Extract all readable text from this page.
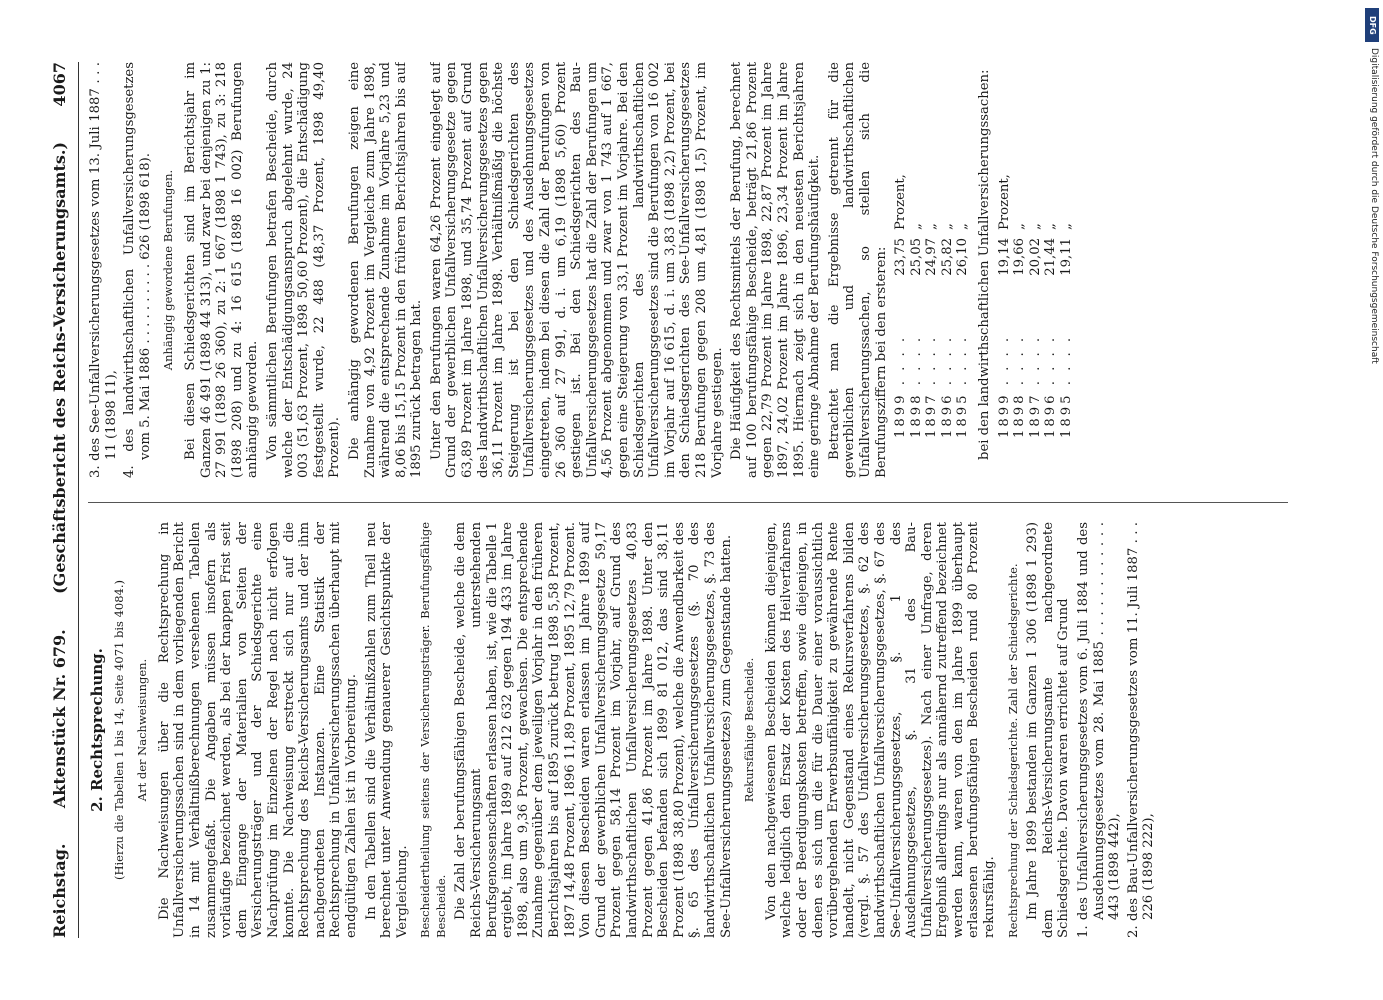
DFG
Digitalisierung gefördert durch die Deutsche Forschungsgemeinschaft
Reichstag.
Aktenstück Nr. 679.
(Geschäftsbericht des Reichs-Versicherungsamts.)
4067
2. Rechtsprechung. (Hierzu die Tabellen 1 bis 14, Seite 4071 bis 4084.) Art der Nachweisungen. Die Nachweisungen über die Rechtsprechung in Unfallversicherungssachen sind in dem vorliegenden Bericht in 14 mit Verhältnißberechnungen versehenen Tabellen zusammengefaßt. Die Angaben müssen insofern als vorläufige bezeichnet werden, als bei der knappen Frist seit dem Eingange der Materialien von Seiten der Versicherungsträger und der Schiedsgerichte eine Nachprüfung im Einzelnen der Regel nach nicht erfolgen konnte. Die Nachweisung erstreckt sich nur auf die Rechtsprechung des Reichs-Versicherungsamts und der ihm nachgeordneten Instanzen. Eine Statistik der Rechtsprechung in Unfallversicherungssachen überhaupt mit endgültigen Zahlen ist in Vorbereitung. In den Tabellen sind die Verhältnißzahlen zum Theil neu berechnet unter Anwendung genauerer Gesichtspunkte der Vergleichung. Bescheidertheilung seitens der Versicherungsträger. Berufungsfähige Bescheide. Die Zahl der berufungsfähigen Bescheide, welche die dem Reichs-Versicherungsamt unterstehenden Berufsgenossenschaften erlassen haben, ist, wie die Tabelle 1 ergiebt, im Jahre 1899 auf 212 632 gegen 194 433 im Jahre 1898, also um 9,36 Prozent, gewachsen. Die entsprechende Zunahme gegenüber dem jeweiligen Vorjahr in den früheren Berichtsjahren bis auf 1895 zurück betrug 1898 5,58 Prozent, 1897 14,48 Prozent, 1896 11,89 Prozent, 1895 12,79 Prozent. Von diesen Bescheiden waren erlassen im Jahre 1899 auf Grund der gewerblichen Unfallversicherungsgesetze 59,17 Prozent gegen 58,14 Prozent im Vorjahr, auf Grund des landwirthschaftlichen Unfallversicherungsgesetzes 40,83 Prozent gegen 41,86 Prozent im Jahre 1898. Unter den Bescheiden befanden sich 1899 81 012, das sind 38,11 Prozent (1898 38,80 Prozent), welche die Anwendbarkeit des §. 65 des Unfallversicherungsgesetzes (§. 70 des landwirthschaftlichen Unfallversicherungsgesetzes, §. 73 des See-Unfallversicherungsgesetzes) zum Gegenstande hatten. Rekursfähige Bescheide. Von den nachgewiesenen Bescheiden können diejenigen, welche lediglich den Ersatz der Kosten des Heilverfahrens oder der Beerdigungskosten betreffen, sowie diejenigen, in denen es sich um die für die Dauer einer voraussichtlich vorübergehenden Erwerbsunfähigkeit zu gewährende Rente handelt, nicht Gegenstand eines Rekursverfahrens bilden (vergl. §. 57 des Unfallversicherungsgesetzes, §. 62 des landwirthschaftlichen Unfallversicherungsgesetzes, §. 67 des See-Unfallversicherungsgesetzes, §. 1 des Ausdehnungsgesetzes, §. 31 des Bau-Unfallversicherungsgesetzes). Nach einer Umfrage, deren Ergebniß allerdings nur als annähernd zutreffend bezeichnet werden kann, waren von den im Jahre 1899 überhaupt erlassenen berufungsfähigen Bescheiden rund 80 Prozent rekursfähig. Rechtsprechung der Schiedsgerichte. Zahl der Schiedsgerichte. Im Jahre 1899 bestanden im Ganzen 1 306 (1898 1 293) dem Reichs-Versicherungsamte nachgeordnete Schiedsgerichte. Davon waren errichtet auf Grund 1. des Unfallversicherungsgesetzes vom 6. Juli 1884 und des Ausdehnungsgesetzes vom 28. Mai 1885 . . . . . . . . . . . . 443 (1898 442), 2. des Bau-Unfallversicherungsgesetzes vom 11. Juli 1887 . . . 226 (1898 222),
3. des See-Unfallversicherungsgesetzes vom 13. Juli 1887 . . . 11 (1898 11), 4. des landwirthschaftlichen Unfallversicherungsgesetzes vom 5. Mai 1886 . . . . . . . . . . 626 (1898 618). Anhängig gewordene Berufungen. Bei diesen Schiedsgerichten sind im Berichtsjahr im Ganzen 46 491 (1898 44 313), und zwar bei denjenigen zu 1: 27 991 (1898 26 360), zu 2: 1 667 (1898 1 743), zu 3: 218 (1898 208) und zu 4: 16 615 (1898 16 002) Berufungen anhängig geworden. Von sämmtlichen Berufungen betrafen Bescheide, durch welche der Entschädigungsanspruch abgelehnt wurde, 24 003 (51,63 Prozent, 1898 50,60 Prozent), die Entschädigung festgestellt wurde, 22 488 (48,37 Prozent, 1898 49,40 Prozent). Die anhängig gewordenen Berufungen zeigen eine Zunahme von 4,92 Prozent im Vergleiche zum Jahre 1898, während die entsprechende Zunahme im Vorjahre 5,23 und 8,06 bis 15,15 Prozent in den früheren Berichtsjahren bis auf 1895 zurück betragen hat. Unter den Berufungen waren 64,26 Prozent eingelegt auf Grund der gewerblichen Unfallversicherungsgesetze gegen 63,89 Prozent im Jahre 1898, und 35,74 Prozent auf Grund des landwirthschaftlichen Unfallversicherungsgesetzes gegen 36,11 Prozent im Jahre 1898. Verhältnißmäßig die höchste Steigerung ist bei den Schiedsgerichten des Unfallversicherungsgesetzes und des Ausdehnungsgesetzes eingetreten, indem bei diesen die Zahl der Berufungen von 26 360 auf 27 991, d. i. um 6,19 (1898 5,60) Prozent gestiegen ist. Bei den Schiedsgerichten des Bau-Unfallversicherungsgesetzes hat die Zahl der Berufungen um 4,56 Prozent abgenommen und zwar von 1 743 auf 1 667, gegen eine Steigerung von 33,1 Prozent im Vorjahre. Bei den Schiedsgerichten des landwirthschaftlichen Unfallversicherungsgesetzes sind die Berufungen von 16 002 im Vorjahr auf 16 615, d. i. um 3,83 (1898 2,2) Prozent, bei den Schiedsgerichten des See-Unfallversicherungsgesetzes 218 Berufungen gegen 208 um 4,81 (1898 1,5) Prozent, im Vorjahre gestiegen. Die Häufigkeit des Rechtsmittels der Berufung, berechnet auf 100 berufungsfähige Bescheide, beträgt 21,86 Prozent gegen 22,79 Prozent im Jahre 1898, 22,87 Prozent im Jahre 1897, 24,02 Prozent im Jahre 1896, 23,34 Prozent im Jahre 1895. Hiernach zeigt sich in den neuesten Berichtsjahren eine geringe Abnahme der Berufungshäufigkeit. Betrachtet man die Ergebnisse getrennt für die gewerblichen und landwirthschaftlichen Unfallversicherungssachen, so stellen sich die Berufungsziffern bei den ersteren: 1899 . . . .
23,75
Prozent,
1898 . . . .
25,05
„
1897 . . . .
24,97
„
1896 . . . .
25,82
„
1895 . . . .
26,10
„ bei den landwirthschaftlichen Unfallversicherungssachen: 1899 . . . .
19,14
Prozent,
1898 . . . .
19,66
„
1897 . . . .
20,02
„
1896 . . . .
21,44
„
1895 . . . .
19,11
„
